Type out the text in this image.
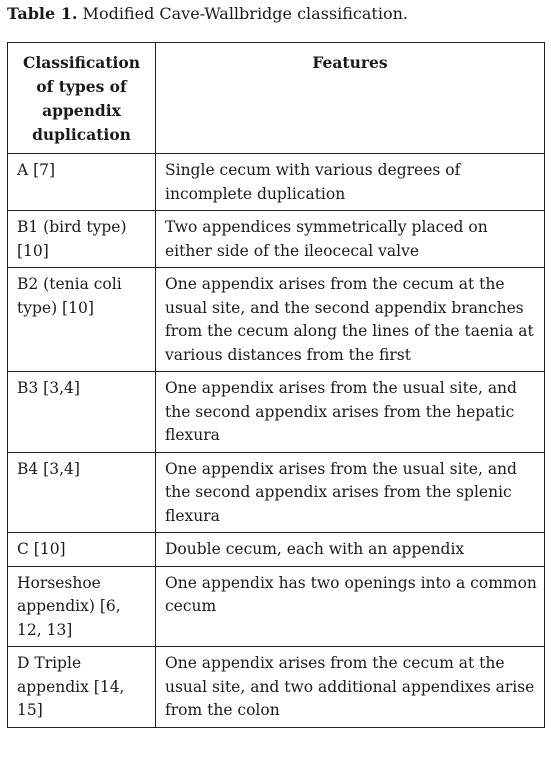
Table 1. Modified Cave-Wallbridge classification.
Classification of types of appendix duplication	Features
A [7]	Single cecum with various degrees of incomplete duplication
B1 (bird type) [10]	Two appendices symmetrically placed on either side of the ileocecal valve
B2 (tenia coli type) [10]	One appendix arises from the cecum at the usual site, and the second appendix branches from the cecum along the lines of the taenia at various distances from the first
B3 [3,4]	One appendix arises from the usual site, and the second appendix arises from the hepatic flexura
B4 [3,4]	One appendix arises from the usual site, and the second appendix arises from the splenic flexura
C [10]	Double cecum, each with an appendix
Horseshoe appendix) [6, 12, 13]	One appendix has two openings into a common cecum
D Triple appendix [14, 15]	One appendix arises from the cecum at the usual site, and two additional appendixes arise from the colon
